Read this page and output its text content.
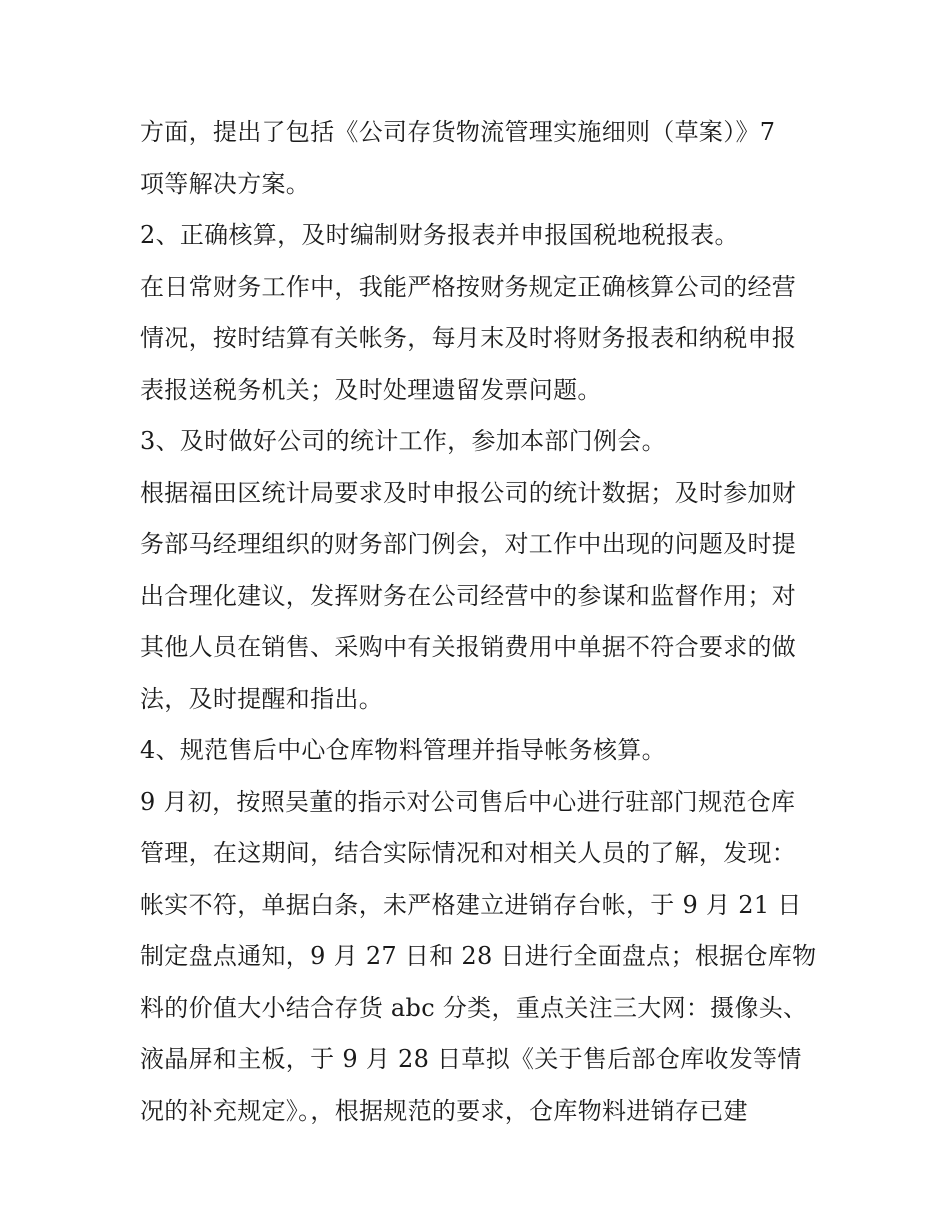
方面，提出了包括《公司存货物流管理实施细则（草案）》7
项等解决方案。
2、正确核算，及时编制财务报表并申报国税地税报表。
在日常财务工作中，我能严格按财务规定正确核算公司的经营
情况，按时结算有关帐务，每月末及时将财务报表和纳税申报
表报送税务机关；及时处理遗留发票问题。
3、及时做好公司的统计工作，参加本部门例会。
根据福田区统计局要求及时申报公司的统计数据；及时参加财
务部马经理组织的财务部门例会，对工作中出现的问题及时提
出合理化建议，发挥财务在公司经营中的参谋和监督作用；对
其他人员在销售、采购中有关报销费用中单据不符合要求的做
法，及时提醒和指出。
4、规范售后中心仓库物料管理并指导帐务核算。
9 月初，按照吴董的指示对公司售后中心进行驻部门规范仓库
管理，在这期间，结合实际情况和对相关人员的了解，发现：
帐实不符，单据白条，未严格建立进销存台帐，于 9 月 21 日
制定盘点通知，9 月 27 日和 28 日进行全面盘点；根据仓库物
料的价值大小结合存货 abc 分类，重点关注三大网：摄像头、
液晶屏和主板，于 9 月 28 日草拟《关于售后部仓库收发等情
况的补充规定》。，根据规范的要求，仓库物料进销存已建
